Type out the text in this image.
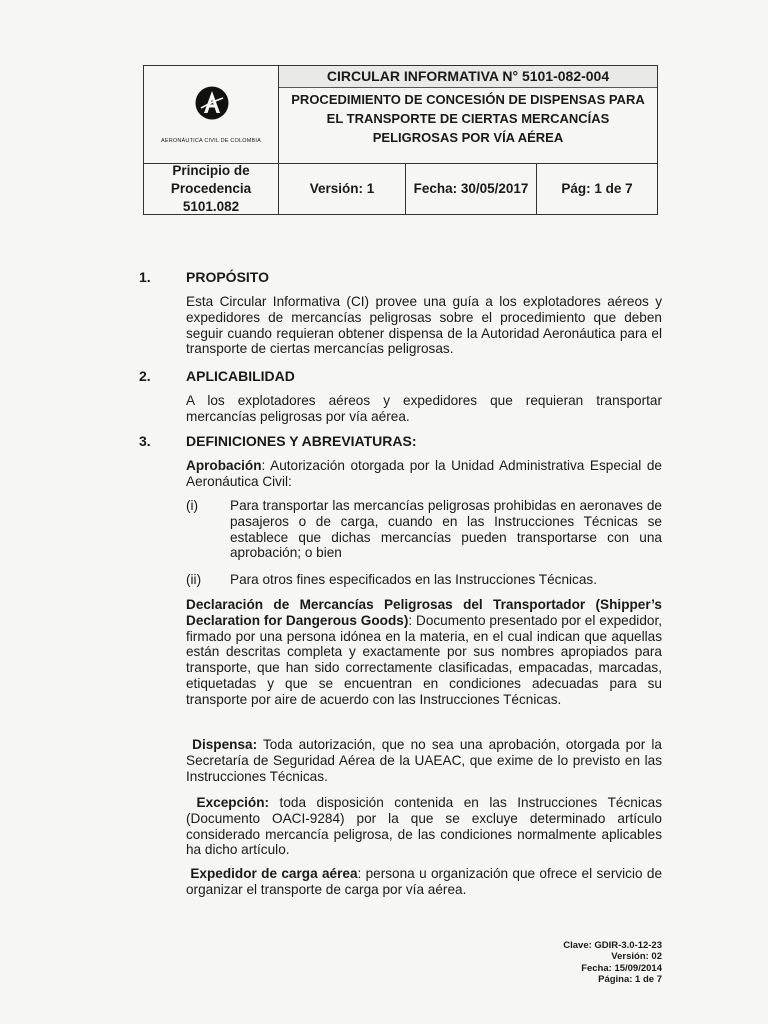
AERONÁUTICA CIVIL DE COLOMBIA
CIRCULAR INFORMATIVA N° 5101-082-004
PROCEDIMIENTO DE CONCESIÓN DE DISPENSAS PARA EL TRANSPORTE DE CIERTAS MERCANCÍAS PELIGROSAS POR VÍA AÉREA
Principio de Procedencia
5101.082
Versión: 1	Fecha: 30/05/2017 Pág: 1 de 7
1.	PROPÓSITO

Esta Circular Informativa (CI) provee una guía a los explotadores aéreos y expedidores de mercancías peligrosas sobre el procedimiento que deben seguir cuando requieran obtener dispensa de la Autoridad Aeronáutica para el transporte de ciertas mercancías peligrosas.

2.	APLICABILIDAD

A los explotadores aéreos y expedidores que requieran transportar mercancías peligrosas por vía aérea.

3.	DEFINICIONES Y ABREVIATURAS:

Aprobación: Autorización otorgada por la Unidad Administrativa Especial de Aeronáutica Civil:

(i) Para transportar las mercancías peligrosas prohibidas en aeronaves de pasajeros o de carga, cuando en las Instrucciones Técnicas se establece que dichas mercancías pueden transportarse con una aprobación; o bien

(ii) Para otros fines especificados en las Instrucciones Técnicas.

Declaración de Mercancías Peligrosas del Transportador (Shipper’s Declaration for Dangerous Goods): Documento presentado por el expedidor, firmado por una persona idónea en la materia, en el cual indican que aquellas están descritas completa y exactamente por sus nombres apropiados para transporte, que han sido correctamente clasificadas, empacadas, marcadas, etiquetadas y que se encuentran en condiciones adecuadas para su transporte por aire de acuerdo con las Instrucciones Técnicas.

Dispensa: Toda autorización, que no sea una aprobación, otorgada por la Secretaría de Seguridad Aérea de la UAEAC, que exime de lo previsto en las Instrucciones Técnicas.

Excepción: toda disposición contenida en las Instrucciones Técnicas (Documento OACI-9284) por la que se excluye determinado artículo considerado mercancía peligrosa, de las condiciones normalmente aplicables ha dicho artículo.

Expedidor de carga aérea: persona u organización que ofrece el servicio de organizar el transporte de carga por vía aérea.

Clave: GDIR-3.0-12-23
Versión: 02
Fecha: 15/09/2014
Página: 1 de 7
